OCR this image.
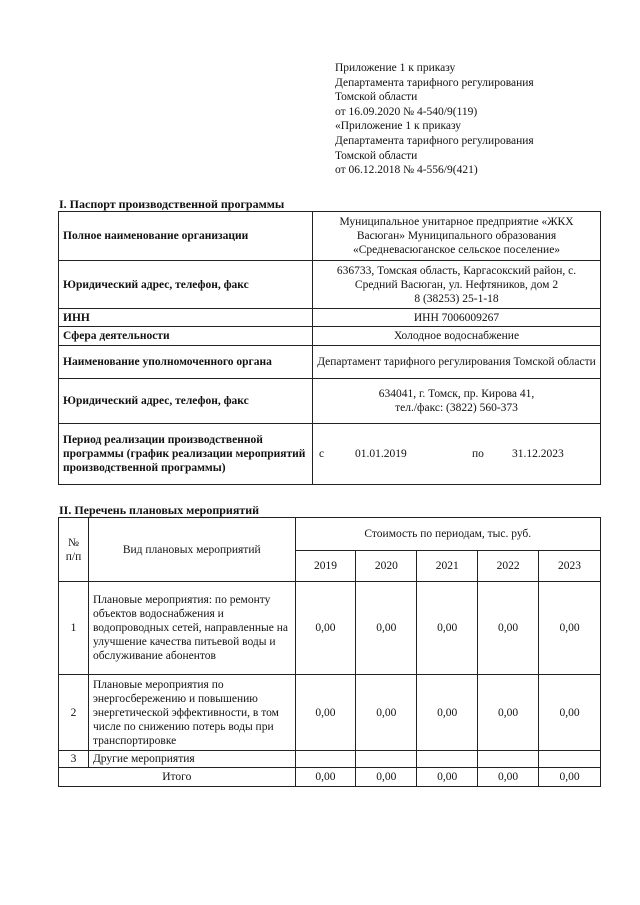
Приложение 1 к приказу
Департамента тарифного регулирования
Томской области
от 16.09.2020 № 4-540/9(119)
«Приложение 1 к приказу
Департамента тарифного регулирования
Томской области
от 06.12.2018 № 4-556/9(421)
I. Паспорт производственной программы
Полное наименование организации	Муниципальное унитарное предприятие «ЖКХ Васюган» Муниципального образования «Средневасюганское сельское поселение»
Юридический адрес, телефон, факс	636733, Томская область, Каргасокский район, с. Средний Васюган, ул. Нефтяников, дом 2
8 (38253) 25-1-18

ИНН	ИНН 7006009267
Сфера деятельности	Холодное водоснабжение
Наименование уполномоченного органа	Департамент тарифного регулирования Томской области
Юридический адрес, телефон, факс	634041, г. Томск, пр. Кирова 41,
тел./факс: (3822) 560-373

Период реализации производственной программы (график реализации мероприятий производственной программы)	с 01.01.2019 по 31.12.2023
II. Перечень плановых мероприятий
№ п/п	Вид плановых мероприятий	Стоимость по периодам, тыс. руб.				
		2019	2020	2021	2022	2023
1	Плановые мероприятия: по ремонту объектов водоснабжения и водопроводных сетей, направленные на улучшение качества питьевой воды и обслуживание абонентов	0,00	0,00	0,00	0,00	0,00
2	Плановые мероприятия по энергосбережению и повышению энергетической эффективности, в том числе по снижению потерь воды при транспортировке	0,00	0,00	0,00	0,00	0,00
3	Другие мероприятия					
Итого		0,00	0,00	0,00	0,00	0,00
